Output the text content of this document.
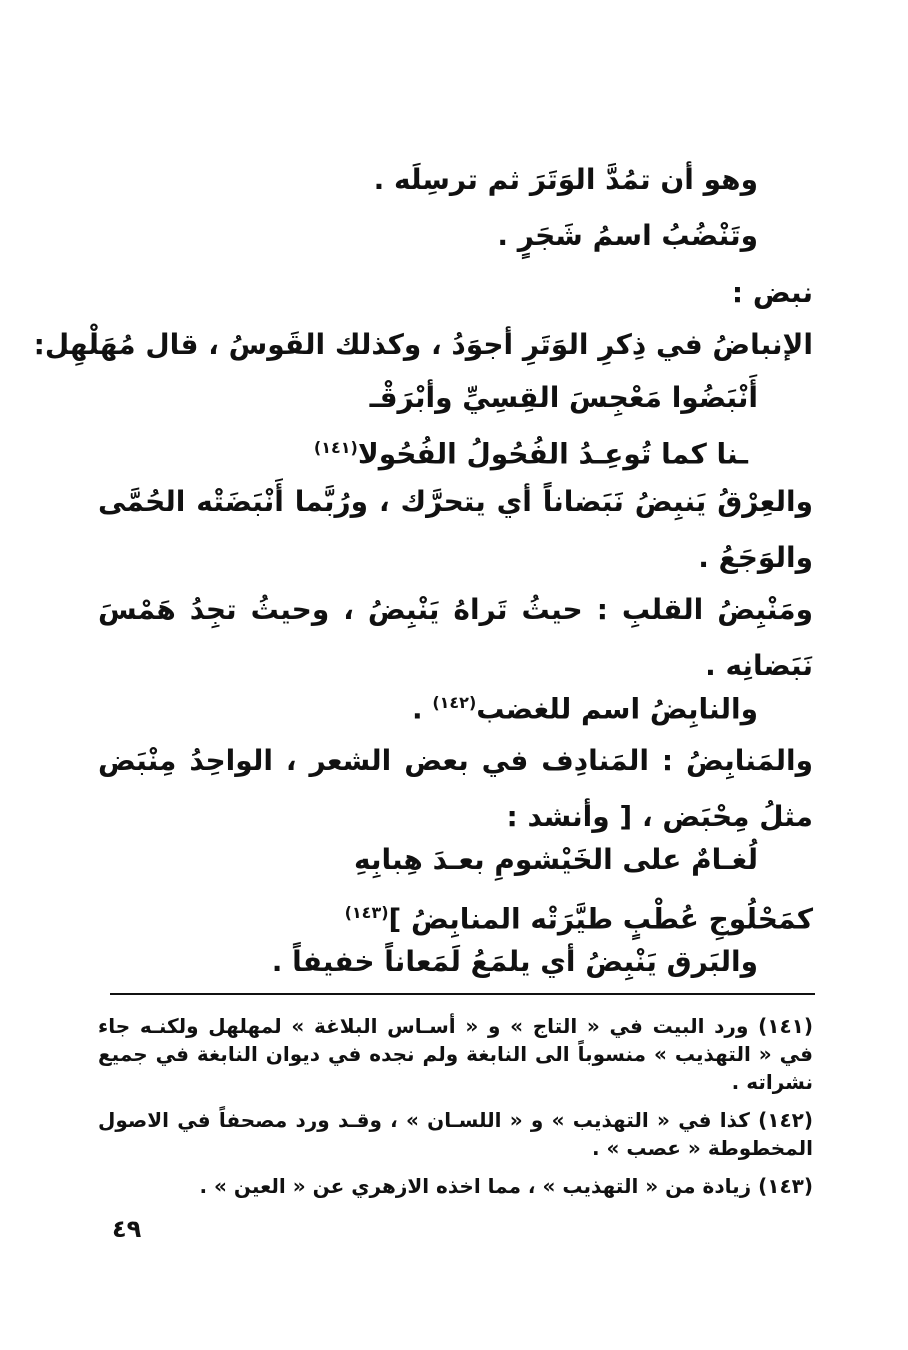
وهو أن تمُدَّ الوَتَرَ ثم ترسِلَه .
وتَنْضُبُ اسمُ شَجَرٍ .
نبض :
الإنباضُ في ذِكرِ الوَتَرِ أجوَدُ ، وكذلك القَوسُ ، قال مُهَلْهِل:
أَنْبَضُوا مَعْجِسَ القِسِيِّ وأبْرَقْـ
ـنا كما تُوعِـدُ الفُحُولُ الفُحُولا$^{(١٤١)}$
والعِرْقُ يَنبِضُ نَبَضاناً أي يتحرَّك ، ورُبَّما أَنْبَضَتْه الحُمَّى والوَجَعُ .
ومَنْبِضُ القلبِ : حيثُ تَراهُ يَنْبِضُ ، وحيثُ تجِدُ هَمْسَ نَبَضانِه .
والنابِضُ اسم للغضب$^{(١٤٢)}$ .
والمَنابِضُ : المَنادِف في بعض الشعر ، الواحِدُ مِنْبَض مثلُ مِحْبَض ، [ وأنشد :
لُغـامٌ على الخَيْشومِ بعـدَ هِبابِهِ
كمَحْلُوجِ عُطْبٍ طيَّرَتْه المنابِضُ ]$^{(١٤٣)}$
والبَرق يَنْبِضُ أي يلمَعُ لَمَعاناً خفيفاً .
(١٤١) ورد البيت في « التاج » و « أسـاس البلاغة » لمهلهل ولكنـه جاء في « التهذيب » منسوباً الى النابغة ولم نجده في ديوان النابغة في جميع نشراته .
(١٤٢) كذا في « التهذيب » و « اللسـان » ، وقـد ورد مصحفاً في الاصول المخطوطة « عصب » .
(١٤٣) زيادة من « التهذيب » ، مما اخذه الازهري عن « العين » .
٤٩
